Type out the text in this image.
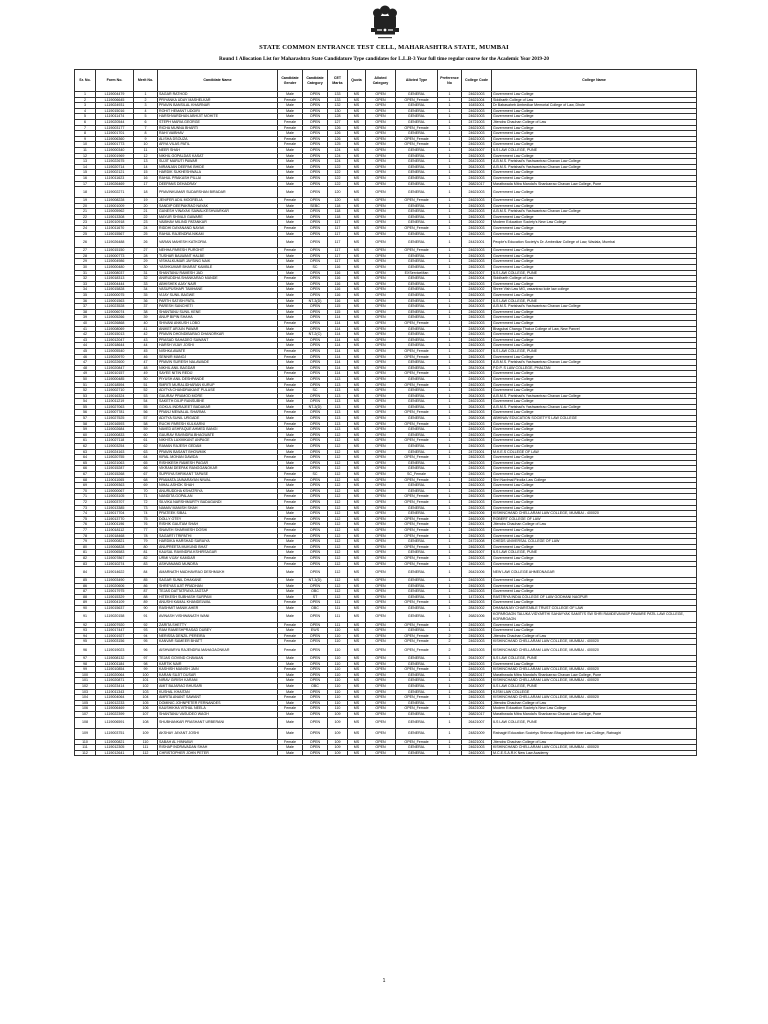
STATE COMMON ENTRANCE TEST CELL, MAHARASHTRA STATE, MUMBAI
Round 1 Allocation List for Maharashtra State Candidature Type candidates for L.L.B-3 Year full time regular course for the Academic Year 2019-20
Sr. No.	Form No.	Merit No.	Candidate Name	Candidate Gender	Candidate Category	CET Marks	Quota	Alloted Category	Alloted Type	Preference No	College Code	College Name
1	L119004479	1	SAGAR RATHOD	Male	OPEN	133	MS	OPEN	GENERAL	1	24621003	Government Law College
2	L119006645	2	PRIYANKA UDAY MASHELKAR	Female	OPEN	133	MS	OPEN	OPEN_Female	1	24621004	Siddharth College of Law
3	L119024931	3	PRAVIN BANSILAL KHAIRNAR	Male	OPEN	132	MS	OPEN	GENERAL	1	16451001	Dr Babasaheb Ambedkar Memorial College of Law, Dhule
4	L119015016	4	ROHIT HEMANT UDGIRI	Male	OPEN	130	MS	OPEN	GENERAL	1	24621003	Government Law College
5	L119011474	5	HARSHVARDHAN ABHIJIT MOHITE	Male	OPEN	128	MS	OPEN	GENERAL	1	24621003	Government Law College
6	L119020544	6	STEPH MARIA GEORGE	Female	OPEN	127	MS	OPEN	GENERAL	1	24721003	Jitendra Chauhan College of Law
7	L119003177	7	RICHA MUNNA BHARTI	Female	OPEN	126	MS	OPEN	OPEN_Female	1	24621003	Government Law College
8	L119001701	8	RAHI VAIBHAV	Male	OPEN	126	MS	OPEN	GENERAL	1	24621003	Government Law College
9	L119006360	9	ALISHA DSOUZA	Female	OPEN	126	MS	OPEN	OPEN_Female	1	24621003	Government Law College
10	L119001773	10	ARYA VILAS PATIL	Female	OPEN	125	MS	OPEN	OPEN_Female	1	24621003	Government Law College
11	L119000340	11	NEER SHAH	Male	OPEN	124	MS	OPEN	GENERAL	1	26421007	ILS LAW COLLEGE, PUNE
12	L119001969	12	NIKHIL GOPALDAS KASAT	Male	OPEN	124	MS	OPEN	GENERAL	1	24621003	Government Law College
13	L119022675	13	SUJIT MARUTI PAWAR	Male	OPEN	124	MS	OPEN	GENERAL	1	26421003	A.B.M.S. Parishad's Yashwantrao Chavan Law College
14	L119020714	14	NIRANJAN DEEPAK BHIDE	Male	OPEN	122	MS	OPEN	GENERAL	1	26421003	A.B.M.S. Parishad's Yashwantrao Chavan Law College
15	L119002121	15	HARDIK SUKHESHWALA	Male	OPEN	122	MS	OPEN	GENERAL	1	24621003	Government Law College
16	L119011623	16	RAHUL PRAKASH PILLAI	Male	OPEN	122	MS	OPEN	GENERAL	1	24621003	Government Law College
17	L119026469	17	DEEPANS DEHADRAY	Male	OPEN	122	MS	OPEN	GENERAL	1	26821017	Marathwada Mitra Mandal's Shankarrao Chavan Law College, Pune
18	L119002271	18	PRAVINKUMAR SUDARSHAN BIRADAR	Male	OPEN	120	MS	OPEN	GENERAL	1	24621003	Government Law College
19	L119008228	19	JENIFER ADIL MOGRELIA	Female	OPEN	120	MS	OPEN	OPEN_Female	1	24621003	Government Law College
20	L119001009	20	SANDIP DEEPAKRAO NAYAK	Male	SEBC	118	MS	OPEN	GENERAL	1	24621003	Government Law College
21	L119005962	21	GANESH VINAYAK SAWALKESHWARKAR	Male	OPEN	118	MS	OPEN	GENERAL	1	26421003	A.B.M.S. Parishad's Yashwantrao Chavan Law College
22	L119013308	22	MAYUR SHIVAJI GAWARE	Male	OPEN	118	MS	OPEN	GENERAL	1	24621003	Government Law College
23	L119010918	23	VAIBHAV MILIND PATANKAR	Male	OPEN	117	MS	OPEN	GENERAL	1	26421002	Modern Education Society's New Law College
24	L119011670	24	RIDDHI DAYANAND NAYAK	Female	OPEN	117	MS	OPEN	OPEN_Female	1	24621003	Government Law College
25	L119015567	25	RAHUL RAJENDRA NIKAM	Male	OPEN	117	MS	OPEN	GENERAL	1	24621003	Government Law College
26	L119026488	26	VARAN MAHESH KATKORIA	Male	OPEN	117	MS	OPEN	GENERAL	1	24421001	People's Education Society's Dr. Ambedkar College of Law, Wadala, Mumbai
27	L119015150	27	NEHHA PARESH PUROHIT	Female	OPEN	117	MS	OPEN	OPEN_Female	1	24621003	Government Law College
28	L119000773	28	TUSHAR BALWANT HALBE	Male	OPEN	117	MS	OPEN	GENERAL	1	24621003	Government Law College
29	L119004986	29	VISHALKUMAR JAYSING NAIK	Male	OPEN	117	MS	OPEN	GENERAL	1	24621003	Government Law College
30	L119000480	30	YASHKUMAR BHARAT KAMBLE	Male	SC	116	MS	OPEN	GENERAL	1	24621003	Government Law College
31	L119008037	31	SHANTANU RAMESH JAD	Male	OPEN	116	MS	OPEN	EXServiceMan	1	26421007	ILS LAW COLLEGE, PUNE
32	L119018313	32	ANIRUDDHA SHANKARAO MANDE	Female	OPEN	116	MS	OPEN	GENERAL	1	24621004	Siddharth College of Law
33	L119004444	33	ABHISHEK AJAY NAIR	Male	OPEN	116	MS	OPEN	GENERAL	1	24621003	Government Law College
34	L119015828	34	VASUPUSHAPI TAMHANE	Male	OPEN	116	MS	OPEN	GENERAL	1	24821002	Shree Vish Law MG, vasantrao kole law college
35	L119000075	35	VIJAY SUNIL BAGWE	Male	OPEN	116	MS	OPEN	GENERAL	1	24621003	Government Law College
36	L119001563	36	PARTH SATISH PATIL	Male	NT-3(D)	116	MS	OPEN	GENERAL	1	26421007	ILS LAW COLLEGE, PUNE
37	L119023528	37	PARESH SANCHETI	Male	OPEN	115	MS	OPEN	GENERAL	1	26421003	A.B.M.S. Parishad's Yashwantrao Chavan Law College
38	L119006074	38	SHANTANU SUNIL KENE	Male	OPEN	115	MS	OPEN	GENERAL	1	24621003	Government Law College
39	L119005266	39	ANUP BIPIN SHAHA	Male	OPEN	114	MS	OPEN	GENERAL	1	24621003	Government Law College
40	L119026868	40	SHIVANI ANKUSH LOBO	Female	OPEN	114	MS	OPEN	OPEN_Female	1	24621003	Government Law College
41	L119008069	41	ANIKET ARJUN PAWAR	Male	OPEN	114	MS	OPEN	GENERAL	1	24821008	Bhagubai Changu Thakur College of Law, New Panvel
42	L119015013	42	PRAVIN DHONDIBARAO DHANORKAR	Male	NT-2(C)	114	MS	OPEN	GENERAL	1	24621003	Government Law College
43	L119012047	43	PRASAD SAHADEO SAWANT	Male	OPEN	114	MS	OPEN	GENERAL	1	24621003	Government Law College
44	L119018644	44	HARSH VIJAY JOSHI	Male	OPEN	114	MS	OPEN	GENERAL	1	24621003	Government Law College
45	L119005540	45	NISHKA AWATE	Female	OPEN	114	MS	OPEN	OPEN_Female	1	26421007	ILS LAW COLLEGE, PUNE
46	L119020970	46	SENNIR MANOJ	Female	OPEN	114	MS	OPEN	OPEN_Female	1	24621003	Government Law College
47	L119022600	47	PRAVIN SURESH NALAWADE	Male	OPEN	114	MS	OPEN	GENERAL	1	26421003	A.B.M.S. Parishad's Yashwantrao Chavan Law College
48	L119020847	48	NIKHIL ANIL BAGDAR	Male	OPEN	114	MS	OPEN	GENERAL	1	28421004	P.D.P. S LAW COLLEGE, PHALTAN
49	L119010157	49	SAYEE NITIN REDIJ	Female	OPEN	114	MS	OPEN	OPEN_Female	1	24621003	Government Law College
50	L119000485	50	PIYUSH ANIL DESHPANDE	Male	OPEN	113	MS	OPEN	GENERAL	1	24621003	Government Law College
51	L119018594	51	SMRITI MURALIDHARAN KURUP	Female	OPEN	113	MS	OPEN	OPEN_Female	1	24621003	Government Law College
52	L119002710	52	ADITYA CHANDRAKANT PULASE	Male	SC	113	MS	OPEN	GENERAL	1	24621003	Government Law College
53	L119016324	53	GAURAV PRAMOD MORE	Male	OPEN	113	MS	OPEN	GENERAL	1	26421003	A.B.M.S. Parishad's Yashwantrao Chavan Law College
54	L119011219	54	SAKETH DILIP RANSUBHE	Male	OPEN	113	MS	OPEN	GENERAL	1	24621003	Government Law College
55	L119027063	55	GOKUL INDRAJEET BADAKAR	Male	NT-3(D)	113	MS	OPEN	GENERAL	1	26421003	A.B.M.S. Parishad's Yashwantrao Chavan Law College
56	L119007781	56	PRANJ MEWALAL SHARMA	Female	OPEN	113	MS	OPEN	OPEN_Female	1	24621003	Government Law College
57	L119027525	57	ADITYA SUNIL URGADE	Male	OPEN	113	MS	OPEN	GENERAL	1	26821008	ABHINAV EDUCATION SOCIETY'S LAW COLLEGE
58	L119016593	58	RUCHI PARESH KULKARNI	Female	OPEN	113	MS	OPEN	OPEN_Female	1	24621003	Government Law College
59	L119002684	59	NAVED ASHFAQUE AHMED BANGI	Male	OPEN	113	MS	OPEN	GENERAL	1	24621003	Government Law College
60	L119000833	60	GAURAV RAVINDRA BHAGWATE	Male	OPEN	112	MS	OPEN	GENERAL	1	24621003	Government Law College
61	L119027118	61	NIKHITA LAXMIKANT ANPAGE	Female	OPEN	112	MS	OPEN	OPEN_Female	1	24621003	Government Law College
62	L119003254	62	RAMAN RAJESH GEDAM	Male	OPEN	112	MS	OPEN	GENERAL	1	24621003	Government Law College
63	L119024163	63	PRAVIN BASANT BHOWMIK	Male	OPEN	112	MS	OPEN	GENERAL	1	24721001	M.K.E.S COLLEGE OF LAW
64	L119020755	64	KIRAL MOHAN DAWDA	Female	OPEN	112	MS	OPEN	OPEN_Female	1	24621003	Government Law College
65	L119021063	65	RISHIKESH RAMESH PAGAR	Male	OPEN	112	MS	OPEN	GENERAL	1	24621003	Government Law College
66	L119015287	66	VIKRAM DEEPAK RANGGANOKAR	Male	OPEN	112	MS	OPEN	GENERAL	1	24621003	Government Law College
67	L119015268	67	SUPRIYA SHRIKANT TAPASE	Female	SC	112	MS	OPEN	SC_Female	1	24621003	Government Law College
68	L119011065	68	PRAMATA JAINARAYAN NIWAL	Female	OPEN	112	MS	OPEN	OPEN_Female	1	24521002	Shri Navlmal Firodia Law College
69	L119009363	69	NIHAL ASHOK SHAH	Male	OPEN	112	MS	OPEN	GENERAL	1	24621003	Government Law College
70	L119000067	70	ANURUDDHA KSHATRIYA	Male	OPEN	112	MS	OPEN	GENERAL	1	24621003	Government Law College
71	L119003105	71	NANDITA GOPALAN	Female	OPEN	112	MS	OPEN	OPEN_Female	1	24621003	Government Law College
72	L119003707	72	SILVIKA NARSHIMURTY BADAGANDI	Female	OPEN	112	MS	OPEN	OPEN_Female	1	24621003	Government Law College
73	L119013385	73	NAMAV MANISH SHAH	Male	OPEN	112	MS	OPEN	GENERAL	1	24621003	Government Law College
74	L119017704	74	PRATEEK SIBAL	Male	OPEN	112	MS	OPEN	GENERAL	1	24621006	KISHINCHAND CHELLARAM LAW COLLEGE, MUMBAI - 400020
75	L119013770	75	DOLLY OTEY	Female	OPEN	112	MS	OPEN	OPEN_Female	1	24621005	ROBERT COLLEGE OF LAW
76	L119001196	76	RISHIK GAUTAM SHAH	Female	OPEN	112	MS	OPEN	OPEN_Female	1	24621001	Jitendra Chauhan College of Law
77	L119018112	77	SNAVEH SHARMESH DOSHI	Female	OPEN	112	MS	OPEN	OPEN_Female	1	24621003	Government Law College
78	L119018468	78	SAGARTI TRIPATHI	Female	OPEN	112	MS	OPEN	OPEN_Female	1	24621003	Government Law College
79	L119000821	79	HARDIKA HARSHAD SARAIYA	Male	OPEN	112	MS	OPEN	GENERAL	1	24721008	CHEDS UNIVERSAL COLLEGE OF LAW
80	L119006828	80	ANUPREETA MUKUND BHAT	Female	OPEN	112	MS	OPEN	OPEN_Female	1	24621003	Government Law College
81	L119006583	81	KAUSAL RAVINDRA KSHIRSAGAR	Male	OPEN	112	MS	OPEN	GENERAL	1	26421007	ILS LAW COLLEGE, PUNE
82	L119007867	82	URMI VIJAY KAMDAR	Female	OPEN	112	MS	OPEN	OPEN_Female	1	24621003	Government Law College
83	L119010274	83	ASHVANAND MUNDRA	Female	OPEN	112	MS	OPEN	OPEN_Female	1	24621003	Government Law College
84	L119014622	84	AMARNATH MADHAVRAO DESHMUKH	Male	OPEN	112	MS	OPEN	GENERAL	1	26421006	NEW LAW COLLEGE AHMEDNAGAR
85	L119003490	85	SAGAR SUNIL DHAKANE	Male	NT-3(D)	112	MS	OPEN	GENERAL	1	24621003	Government Law College
86	L119020606	86	SHREYAS AJIT PRADHAN	Male	OPEN	112	MS	OPEN	GENERAL	1	24621003	Government Law College
87	L119017975	87	TEJAS DATTATRAYA JAGTAP	Male	OBC	112	MS	OPEN	GENERAL	1	24621003	Government Law College
88	L119015329	88	HITEKESH SUBHASH SURPAM	Male	ST	112	MS	OPEN	GENERAL	1	14721001	RASTRIYA INDIA COLLEGE OF LAW GODHANI NAGPUR
89	L119004109	89	ANUSHI KAMAL KHANDELWAL	Female	OPEN	111	MS	OPEN	OPEN_Female	1	24621003	Government Law College
90	L119015637	90	RASHMIT MANIK AHER	Male	OBC	111	MS	OPEN	GENERAL	1	28421002	DHANANJAY CHARITABLE TRUST COLLEGE OF LAW
91	L119020158	91	AVINASH VISHWANATH WANI	Male	OPEN	111	MS	OPEN	GENERAL	1	26821006	KOPARGAON TALUKA VIDYARTHI SAHAYYAK SAMITI'S SW SHRI RAMDEVAVASP PAWARE PATIL LAW COLLEGE, KOPARGAON
92	L119007920	92	ZARITA SHETTY	Female	OPEN	111	MS	OPEN	OPEN_Female	1	24621003	Government Law College
93	L119017447	93	RAM RAMESHPRASAD DUBEY	Male	EWS	110	MS	OPEN	GENERAL	1	24621003	Government Law College
94	L119001927	94	NERISSA DENZIL PEREIRA	Female	OPEN	110	MS	OPEN	OPEN_Female	2	24621001	Jitendra Chauhan College of Law
95	L119003156	95	KANVAR SAMEER BHATT	Female	OPEN	110	MS	OPEN	OPEN_Female	2	24621003	KISHINCHAND CHELLARAM LAW COLLEGE, MUMBAI - 400020
96	L119019023	96	AISHWARYA RAJENDRA MAHAGAONKAR	Female	OPEN	110	MS	OPEN	OPEN_Female	2	24621003	KISHINCHAND CHELLARAM LAW COLLEGE, MUMBAI - 400020
97	L119008132	97	TEJAS GOVIND CHAVAAN	Male	OPEN	110	MS	OPEN	GENERAL	1	26421007	ILS LAW COLLEGE, PUNE
98	L119001184	98	KARTIK NAIR	Male	OPEN	110	MS	OPEN	GENERAL	1	24621003	Government Law College
99	L119010854	99	KASHISH MANISH JAIN	Female	OPEN	110	MS	OPEN	OPEN_Female	1	24621003	KISHINCHAND CHELLARAM LAW COLLEGE, MUMBAI - 400020
100	L119020064	100	KARAN SUJIT DUSAR	Male	OPEN	110	MS	OPEN	GENERAL	1	26821017	Marathwada Mitra Mandal's Shankarrao Chavan Law College, Pune
101	L119020871	101	NIRAV GIRISH KARANI	Male	OPEN	110	MS	OPEN	GENERAL	1	24621003	KISHINCHAND CHELLARAM LAW COLLEGE, MUMBAI - 400020
102	L119023414	102	AMIT BAJARAO BHUSARI	Male	OBC	110	MS	OPEN	GENERAL	1	26421007	ILS LAW COLLEGE, PUNE
103	L119011343	103	KUSHAL KHAITAN	Male	OPEN	110	MS	OPEN	GENERAL	1	24621003	KJSM LAW COLLEGE
104	L119004064	104	AMRITA ANANT SAWANT	Female	OPEN	110	MS	OPEN	OPEN_Female	1	24621003	KISHINCHAND CHELLARAM LAW COLLEGE, MUMBAI - 400020
105	L119012233	105	DOMINIC JOHNPETER FERNANDES	Male	OPEN	110	MS	OPEN	GENERAL	1	24621001	Jitendra Chauhan College of Law
106	L119006469	106	KAUSHIKHA VITHAL NEELA	Female	OPEN	110	MS	OPEN	OPEN_Female	1	26421002	Modern Education Society's New Law College
107	L119022399	107	SHANTANU VASUDEO WAGH	Male	OPEN	109	MS	OPEN	GENERAL	1	26821017	Marathwada Mitra Mandal's Shankarrao Chavan Law College, Pune
108	L119006591	108	SHUBHANKAR PRASHANT URBERANI	Male	OPEN	109	MS	OPEN	GENERAL	1	26421007	ILS LAW COLLEGE, PUNE
109	L119003751	109	AKSHAY JAYANT JOSHI	Male	OPEN	109	MS	OPEN	GENERAL	1	24821009	Ratnagiri Education Societys Shriman Bhagojisheth Keer Law College, Ratnagiri
110	L119000821	110	SABAH AL HINNAWI	Female	OPEN	109	MS	OPEN	OPEN_Female	1	24621001	Jitendra Chauhan College of Law
111	L119012305	111	RISHAP INDRAVADAN SHAH	Male	OPEN	109	MS	OPEN	GENERAL	1	24621003	KISHINCHAND CHELLARAM LAW COLLEGE, MUMBAI - 400020
112	L119012641	112	CHRISTOPHER JOHN PETER	Male	OPEN	109	MS	OPEN	GENERAL	1	24621003	M.C.E.S.A.R.K New Law Academy
1
